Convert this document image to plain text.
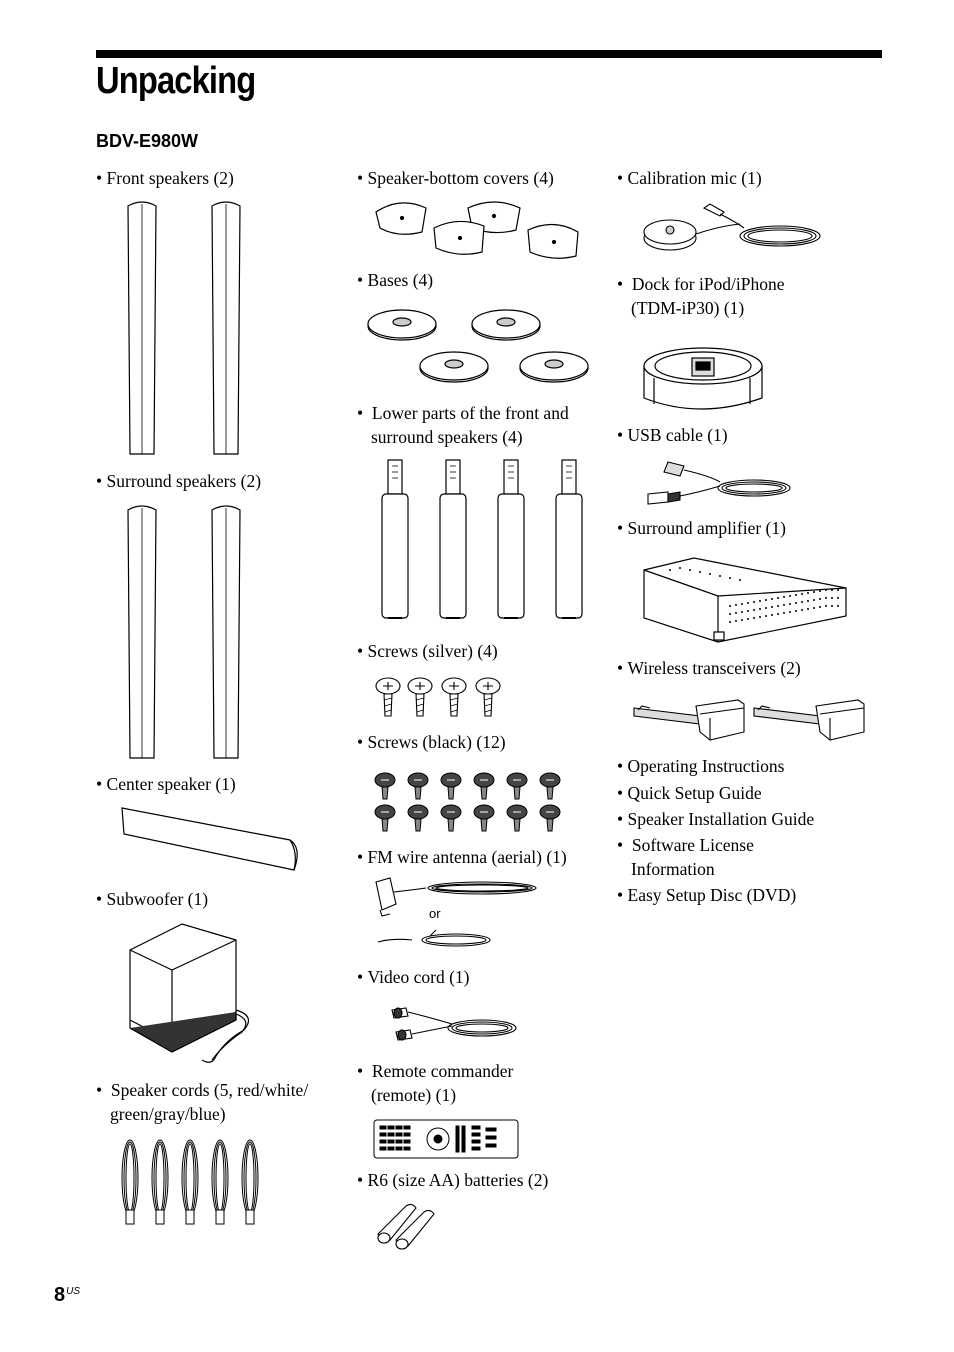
Unpacking
BDV-E980W
• Front speakers (2)
• Surround speakers (2)
• Center speaker (1)
• Subwoofer (1)
• Speaker cords (5, red/white/
green/gray/blue)
• Speaker-bottom covers (4)
• Bases (4)
• Lower parts of the front and
surround speakers (4)
• Screws (silver) (4)
• Screws (black) (12)
• FM wire antenna (aerial) (1)
or
• Video cord (1)
• Remote commander
(remote) (1)
• R6 (size AA) batteries (2)
• Calibration mic (1)
• Dock for iPod/iPhone
(TDM-iP30) (1)
• USB cable (1)
• Surround amplifier (1)
• Wireless transceivers (2)
• Operating Instructions
• Quick Setup Guide
• Speaker Installation Guide
• Software License
Information
• Easy Setup Disc (DVD)
$8^{US}$
